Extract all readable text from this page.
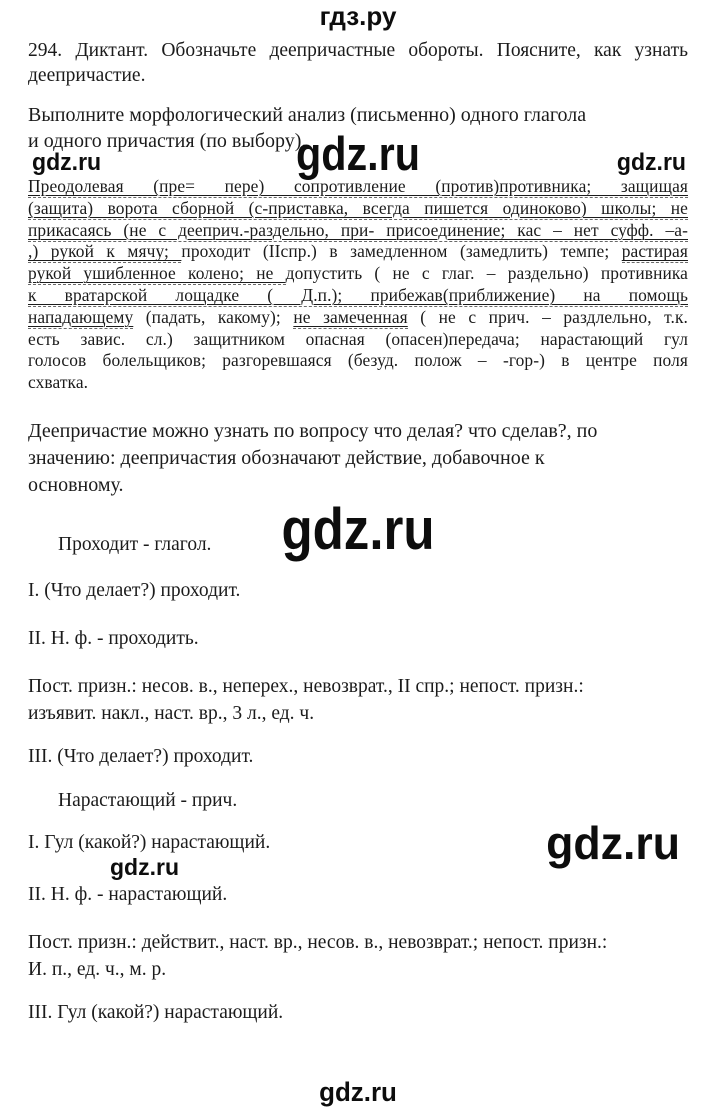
гдз.ру
294. Диктант. Обозначьте деепричастные обороты. Поясните, как узнать
деепричастие.
Выполните морфологический анализ (письменно) одного глагола
и одного причастия (по выбору).
gdz.ru	gdz.ru	gdz.ru
Преодолевая (пре= пере) сопротивление (против)противника; защищая
(защита) ворота сборной (с-приставка, всегда пишется одиноково) школы; не
прикасаясь (не с дееприч.-раздельно, при- присоединение; кас – нет суфф. –а-
,) рукой к мячу; проходит (IIспр.) в замедленном (замедлить) темпе; растирая
рукой ушибленное колено; не допустить ( не с глаг. – раздельно) противника
к вратарской лощадке ( Д.п.); прибежав(приближение) на помощь
нападающему (падать, какому); не замеченная ( не с прич. – раздлельно, т.к.
есть завис. сл.) защитником опасная (опасен)передача; нарастающий гул
голосов болельщиков; разгоревшаяся (безуд. полож – -гор-) в центре поля
схватка.
Деепричастие можно узнать по вопросу что делая? что сделав?, по
значению: деепричастия обозначают действие, добавочное к
основному.
Проходит - глагол. gdz.ru
I. (Что делает?) проходит.
II. Н. ф. - проходить.
Пост. призн.: несов. в., неперех., невозврат., II спр.; непост. призн.:
изъявит. накл., наст. вр., 3 л., ед. ч.
III. (Что делает?) проходит.
Нарастающий - прич.
I. Гул (какой?) нарастающий.	gdz.ru
gdz.ru
II. Н. ф. - нарастающий.
Пост. призн.: действит., наст. вр., несов. в., невозврат.; непост. призн.:
И. п., ед. ч., м. р.
III. Гул (какой?) нарастающий.
gdz.ru
